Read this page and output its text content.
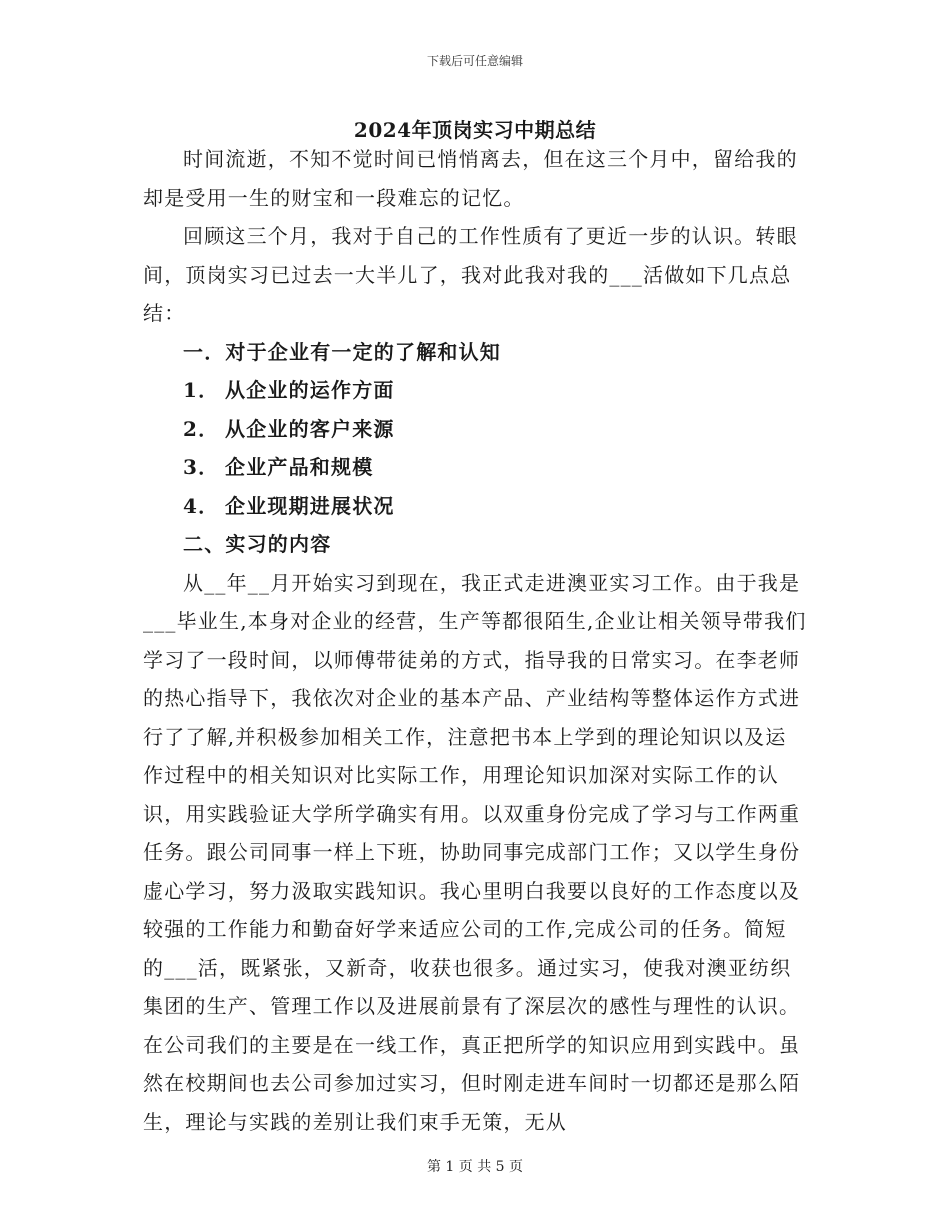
下载后可任意编辑
2024年顶岗实习中期总结

时间流逝，不知不觉时间已悄悄离去，但在这三个月中，留给我的却是受用一生的财宝和一段难忘的记忆。

回顾这三个月，我对于自己的工作性质有了更近一步的认识。转眼间，顶岗实习已过去一大半儿了，我对此我对我的___活做如下几点总结：

一．对于企业有一定的了解和认知

1． 从企业的运作方面

2． 从企业的客户来源

3． 企业产品和规模

4． 企业现期进展状况

二、实习的内容

从__年__月开始实习到现在，我正式走进澳亚实习工作。由于我是___毕业生,本身对企业的经营，生产等都很陌生,企业让相关领导带我们学习了一段时间，以师傅带徒弟的方式，指导我的日常实习。在李老师的热心指导下，我依次对企业的基本产品、产业结构等整体运作方式进行了了解,并积极参加相关工作，注意把书本上学到的理论知识以及运作过程中的相关知识对比实际工作，用理论知识加深对实际工作的认识，用实践验证大学所学确实有用。以双重身份完成了学习与工作两重任务。跟公司同事一样上下班，协助同事完成部门工作；又以学生身份虚心学习，努力汲取实践知识。我心里明白我要以良好的工作态度以及较强的工作能力和勤奋好学来适应公司的工作,完成公司的任务。简短的___活，既紧张，又新奇，收获也很多。通过实习，使我对澳亚纺织集团的生产、管理工作以及进展前景有了深层次的感性与理性的认识。在公司我们的主要是在一线工作，真正把所学的知识应用到实践中。虽然在校期间也去公司参加过实习，但时刚走进车间时一切都还是那么陌生，理论与实践的差别让我们束手无策，无从

第 1 页 共 5 页
